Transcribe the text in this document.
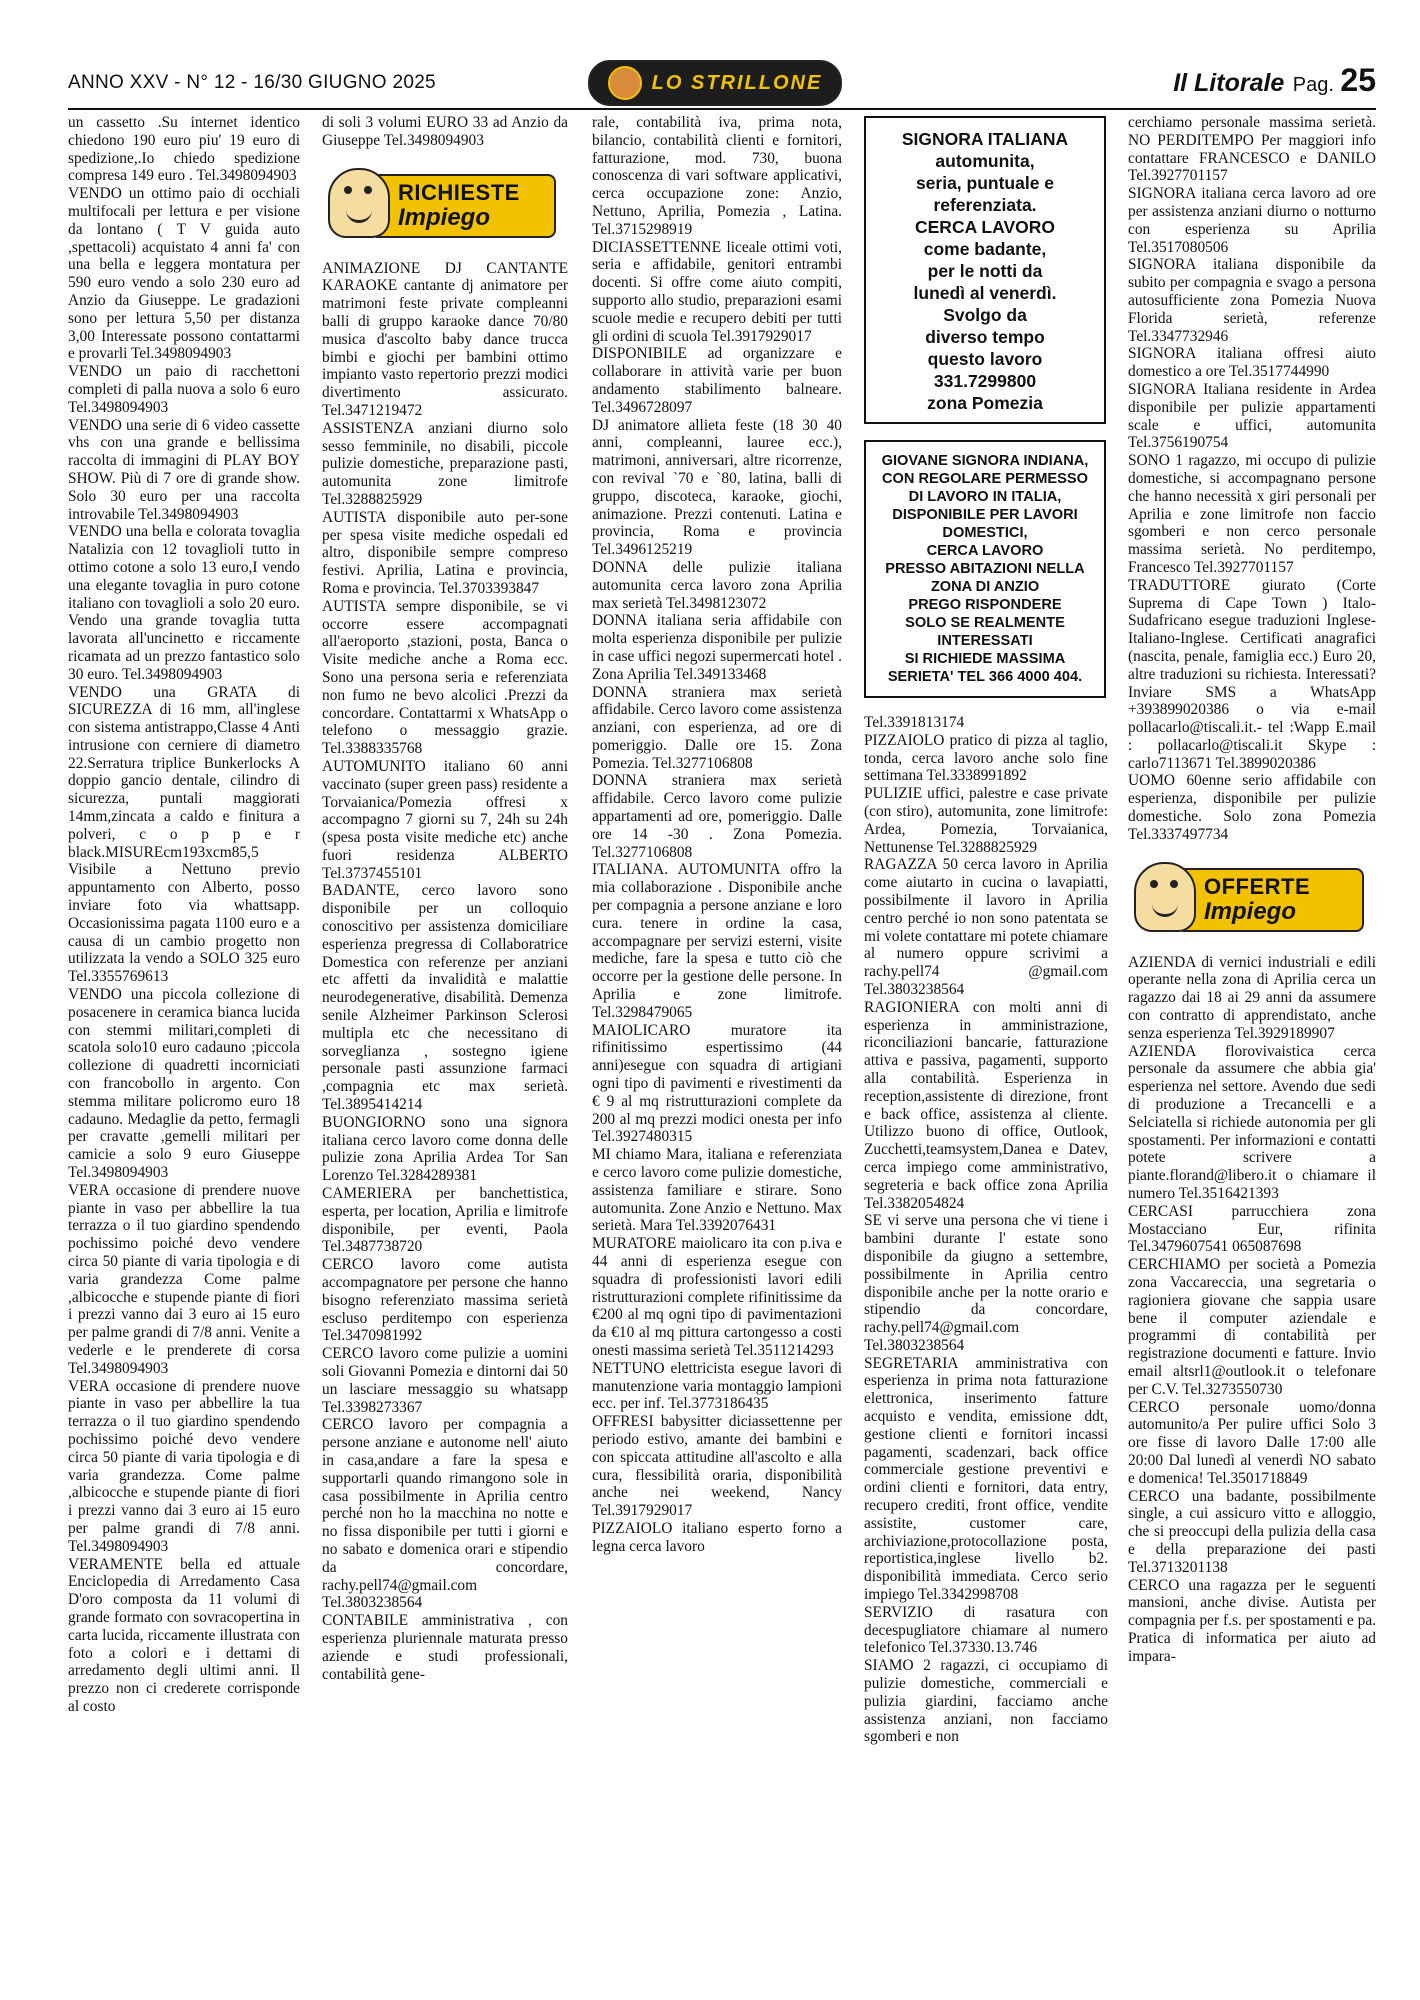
ANNO XXV - N° 12 - 16/30 GIUGNO 2025	LO STRILLONE	Il Litorale Pag. 25

un cassetto .Su internet identico chiedono 190 euro piu' 19 euro di spedizione,.Io chiedo spedizione compresa 149 euro . Tel.3498094903

VENDO un ottimo paio di occhiali multifocali per lettura e per visione da lontano ( T V guida auto ,spettacoli) acquistato 4 anni fa' con una bella e leggera montatura per 590 euro vendo a solo 230 euro ad Anzio da Giuseppe. Le gradazioni sono per lettura 5,50 per distanza 3,00 Interessate possono contattarmi e provarli Tel.3498094903

VENDO un paio di racchettoni completi di palla nuova a solo 6 euro Tel.3498094903

VENDO una serie di 6 video cassette vhs con una grande e bellissima raccolta di immagini di PLAY BOY SHOW. Più di 7 ore di grande show. Solo 30 euro per una raccolta introvabile Tel.3498094903

VENDO una bella e colorata tovaglia Natalizia con 12 tovaglioli tutto in ottimo cotone a solo 13 euro,I vendo una elegante tovaglia in puro cotone italiano con tovaglioli a solo 20 euro. Vendo una grande tovaglia tutta lavorata all'uncinetto e riccamente ricamata ad un prezzo fantastico solo 30 euro. Tel.3498094903

VENDO una GRATA di SICUREZZA di 16 mm, all'inglese con sistema antistrappo,Classe 4 Anti intrusione con cerniere di diametro 22.Serratura triplice Bunkerlocks A doppio gancio dentale, cilindro di sicurezza, puntali maggiorati 14mm,zincata a caldo e finitura a polveri, c o p p e r black.MISUREcm193xcm85,5 Visibile a Nettuno previo appuntamento con Alberto, posso inviare foto via whattsapp. Occasionissima pagata 1100 euro e a causa di un cambio progetto non utilizzata la vendo a SOLO 325 euro Tel.3355769613

VENDO una piccola collezione di posacenere in ceramica bianca lucida con stemmi militari,completi di scatola solo10 euro cadauno ;piccola collezione di quadretti incorniciati con francobollo in argento. Con stemma militare policromo euro 18 cadauno. Medaglie da petto, fermagli per cravatte ,gemelli militari per camicie a solo 9 euro Giuseppe Tel.3498094903

VERA occasione di prendere nuove piante in vaso per abbellire la tua terrazza o il tuo giardino spendendo pochissimo poiché devo vendere circa 50 piante di varia tipologia e di varia grandezza Come palme ,albicocche e stupende piante di fiori i prezzi vanno dai 3 euro ai 15 euro per palme grandi di 7/8 anni. Venite a vederle e le prenderete di corsa Tel.3498094903

VERA occasione di prendere nuove piante in vaso per abbellire la tua terrazza o il tuo giardino spendendo pochissimo poiché devo vendere circa 50 piante di varia tipologia e di varia grandezza. Come palme ,albicocche e stupende piante di fiori i prezzi vanno dai 3 euro ai 15 euro per palme grandi di 7/8 anni. Tel.3498094903

VERAMENTE bella ed attuale Enciclopedia di Arredamento Casa D'oro composta da 11 volumi di grande formato con sovracopertina in carta lucida, riccamente illustrata con foto a colori e i dettami di arredamento degli ultimi anni. Il prezzo non ci crederete corrisponde al costo

di soli 3 volumi EURO 33 ad Anzio da Giuseppe Tel.3498094903

RICHIESTE
Impiego

ANIMAZIONE DJ CANTANTE KARAOKE cantante dj animatore per matrimoni feste private compleanni balli di gruppo karaoke dance 70/80 musica d'ascolto baby dance trucca bimbi e giochi per bambini ottimo impianto vasto repertorio prezzi modici divertimento assicurato. Tel.3471219472

ASSISTENZA anziani diurno solo sesso femminile, no disabili, piccole pulizie domestiche, preparazione pasti, automunita zone limitrofe Tel.3288825929

AUTISTA disponibile auto per-sone per spesa visite mediche ospedali ed altro, disponibile sempre compreso festivi. Aprilia, Latina e provincia, Roma e provincia. Tel.3703393847

AUTISTA sempre disponibile, se vi occorre essere accompagnati all'aeroporto ,stazioni, posta, Banca o Visite mediche anche a Roma ecc. Sono una persona seria e referenziata non fumo ne bevo alcolici .Prezzi da concordare. Contattarmi x WhatsApp o telefono o messaggio grazie. Tel.3388335768

AUTOMUNITO italiano 60 anni vaccinato (super green pass) residente a Torvaianica/Pomezia offresi x accompagno 7 giorni su 7, 24h su 24h (spesa posta visite mediche etc) anche fuori residenza ALBERTO Tel.3737455101

BADANTE, cerco lavoro sono disponibile per un colloquio conoscitivo per assistenza domiciliare esperienza pregressa di Collaboratrice Domestica con referenze per anziani etc affetti da invalidità e malattie neurodegenerative, disabilità. Demenza senile Alzheimer Parkinson Sclerosi multipla etc che necessitano di sorveglianza , sostegno igiene personale pasti assunzione farmaci ,compagnia etc max serietà. Tel.3895414214

BUONGIORNO sono una signora italiana cerco lavoro come donna delle pulizie zona Aprilia Ardea Tor San Lorenzo Tel.3284289381

CAMERIERA per banchettistica, esperta, per location, Aprilia e limitrofe disponibile, per eventi, Paola Tel.3487738720

CERCO lavoro come autista accompagnatore per persone che hanno bisogno referenziato massima serietà escluso perditempo con esperienza Tel.3470981992

CERCO lavoro come pulizie a uomini soli Giovanni Pomezia e dintorni dai 50 un lasciare messaggio su whatsapp Tel.3398273367

CERCO lavoro per compagnia a persone anziane e autonome nell' aiuto in casa,andare a fare la spesa e supportarli quando rimangono sole in casa possibilmente in Aprilia centro perché non ho la macchina no notte e no fissa disponibile per tutti i giorni e no sabato e domenica orari e stipendio da concordare, rachy.pell74@gmail.com Tel.3803238564

CONTABILE amministrativa , con esperienza pluriennale maturata presso aziende e studi professionali, contabilità gene-

rale, contabilità iva, prima nota, bilancio, contabilità clienti e fornitori, fatturazione, mod. 730, buona conoscenza di vari software applicativi, cerca occupazione zone: Anzio, Nettuno, Aprilia, Pomezia , Latina. Tel.3715298919

DICIASSETTENNE liceale ottimi voti, seria e affidabile, genitori entrambi docenti. Si offre come aiuto compiti, supporto allo studio, preparazioni esami scuole medie e recupero debiti per tutti gli ordini di scuola Tel.3917929017

DISPONIBILE ad organizzare e collaborare in attività varie per buon andamento stabilimento balneare. Tel.3496728097

DJ animatore allieta feste (18 30 40 anni, compleanni, lauree ecc.), matrimoni, anniversari, altre ricorrenze, con revival `70 e `80, latina, balli di gruppo, discoteca, karaoke, giochi, animazione. Prezzi contenuti. Latina e provincia, Roma e provincia Tel.3496125219

DONNA delle pulizie italiana automunita cerca lavoro zona Aprilia max serietà Tel.3498123072

DONNA italiana seria affidabile con molta esperienza disponibile per pulizie in case uffici negozi supermercati hotel . Zona Aprilia Tel.349133468

DONNA straniera max serietà affidabile. Cerco lavoro come assistenza anziani, con esperienza, ad ore di pomeriggio. Dalle ore 15. Zona Pomezia. Tel.3277106808

DONNA straniera max serietà affidabile. Cerco lavoro come pulizie appartamenti ad ore, pomeriggio. Dalle ore 14 -30 . Zona Pomezia. Tel.3277106808

ITALIANA. AUTOMUNITA offro la mia collaborazione . Disponibile anche per compagnia a persone anziane e loro cura. tenere in ordine la casa, accompagnare per servizi esterni, visite mediche, fare la spesa e tutto ciò che occorre per la gestione delle persone. In Aprilia e zone limitrofe. Tel.3298479065

MAIOLICARO muratore ita rifinitissimo espertissimo (44 anni)esegue con squadra di artigiani ogni tipo di pavimenti e rivestimenti da € 9 al mq ristrutturazioni complete da 200 al mq prezzi modici onesta per info Tel.3927480315

MI chiamo Mara, italiana e referenziata e cerco lavoro come pulizie domestiche, assistenza familiare e stirare. Sono automunita. Zone Anzio e Nettuno. Max serietà. Mara Tel.3392076431

MURATORE maiolicaro ita con p.iva e 44 anni di esperienza esegue con squadra di professionisti lavori edili ristrutturazioni complete rifinitissime da €200 al mq ogni tipo di pavimentazioni da €10 al mq pittura cartongesso a costi onesti massima serietà Tel.3511214293

NETTUNO elettricista esegue lavori di manutenzione varia montaggio lampioni ecc. per inf. Tel.3773186435

OFFRESI babysitter diciassettenne per periodo estivo, amante dei bambini e con spiccata attitudine all'ascolto e alla cura, flessibilità oraria, disponibilità anche nei weekend, Nancy Tel.3917929017

PIZZAIOLO italiano esperto forno a legna cerca lavoro

SIGNORA ITALIANA
automunita,
seria, puntuale e
referenziata.
CERCA LAVORO
come badante,
per le notti da
lunedì al venerdì.
Svolgo da
diverso tempo
questo lavoro
331.7299800
zona Pomezia
GIOVANE SIGNORA INDIANA,
CON REGOLARE PERMESSO
DI LAVORO IN ITALIA,
DISPONIBILE PER LAVORI
DOMESTICI,
CERCA LAVORO
PRESSO ABITAZIONI NELLA
ZONA DI ANZIO
PREGO RISPONDERE
SOLO SE REALMENTE
INTERESSATI
SI RICHIEDE MASSIMA
SERIETA' TEL 366 4000 404.

Tel.3391813174

PIZZAIOLO pratico di pizza al taglio, tonda, cerca lavoro anche solo fine settimana Tel.3338991892

PULIZIE uffici, palestre e case private (con stiro), automunita, zone limitrofe: Ardea, Pomezia, Torvaianica, Nettunense Tel.3288825929

RAGAZZA 50 cerca lavoro in Aprilia come aiutarto in cucina o lavapiatti, possibilmente il lavoro in Aprilia centro perché io non sono patentata se mi volete contattare mi potete chiamare al numero oppure scrivimi a rachy.pell74 @gmail.com Tel.3803238564

RAGIONIERA con molti anni di esperienza in amministrazione, riconciliazioni bancarie, fatturazione attiva e passiva, pagamenti, supporto alla contabilità. Esperienza in reception,assistente di direzione, front e back office, assistenza al cliente. Utilizzo buono di office, Outlook, Zucchetti,teamsystem,Danea e Datev, cerca impiego come amministrativo, segreteria e back office zona Aprilia Tel.3382054824

SE vi serve una persona che vi tiene i bambini durante l' estate sono disponibile da giugno a settembre, possibilmente in Aprilia centro disponibile anche per la notte orario e stipendio da concordare, rachy.pell74@gmail.com Tel.3803238564

SEGRETARIA amministrativa con esperienza in prima nota fatturazione elettronica, inserimento fatture acquisto e vendita, emissione ddt, gestione clienti e fornitori incassi pagamenti, scadenzari, back office commerciale gestione preventivi e ordini clienti e fornitori, data entry, recupero crediti, front office, vendite assistite, customer care, archiviazione,protocollazione posta, reportistica,inglese livello b2. disponibilità immediata. Cerco serio impiego Tel.3342998708

SERVIZIO di rasatura con decespugliatore chiamare al numero telefonico Tel.37330.13.746

SIAMO 2 ragazzi, ci occupiamo di pulizie domestiche, commerciali e pulizia giardini, facciamo anche assistenza anziani, non facciamo sgomberi e non

cerchiamo personale massima serietà. NO PERDITEMPO Per maggiori info contattare FRANCESCO e DANILO Tel.3927701157

SIGNORA italiana cerca lavoro ad ore per assistenza anziani diurno o notturno con esperienza su Aprilia Tel.3517080506

SIGNORA italiana disponibile da subito per compagnia e svago a persona autosufficiente zona Pomezia Nuova Florida serietà, referenze Tel.3347732946

SIGNORA italiana offresi aiuto domestico a ore Tel.3517744990

SIGNORA Italiana residente in Ardea disponibile per pulizie appartamenti scale e uffici, automunita Tel.3756190754

SONO 1 ragazzo, mi occupo di pulizie domestiche, si accompagnano persone che hanno necessità x giri personali per Aprilia e zone limitrofe non faccio sgomberi e non cerco personale massima serietà. No perditempo, Francesco Tel.3927701157

TRADUTTORE giurato (Corte Suprema di Cape Town ) Italo-Sudafricano esegue traduzioni Inglese-Italiano-Inglese. Certificati anagrafici (nascita, penale, famiglia ecc.) Euro 20, altre traduzioni su richiesta. Interessati? Inviare SMS a WhatsApp +393899020386 o via e-mail pollacarlo@tiscali.it.- tel :Wapp E.mail : pollacarlo@tiscali.it Skype : carlo7113671 Tel.3899020386

UOMO 60enne serio affidabile con esperienza, disponibile per pulizie domestiche. Solo zona Pomezia Tel.3337497734

OFFERTE
Impiego

AZIENDA di vernici industriali e edili operante nella zona di Aprilia cerca un ragazzo dai 18 ai 29 anni da assumere con contratto di apprendistato, anche senza esperienza Tel.3929189907

AZIENDA florovivaistica cerca personale da assumere che abbia gia' esperienza nel settore. Avendo due sedi di produzione a Trecancelli e a Selciatella si richiede autonomia per gli spostamenti. Per informazioni e contatti potete scrivere a piante.florand@libero.it o chiamare il numero Tel.3516421393

CERCASI parrucchiera zona Mostacciano Eur, rifinita Tel.3479607541 065087698

CERCHIAMO per società a Pomezia zona Vaccareccia, una segretaria o ragioniera giovane che sappia usare bene il computer aziendale e programmi di contabilità per registrazione documenti e fatture. Invio email altsrl1@outlook.it o telefonare per C.V. Tel.3273550730

CERCO personale uomo/donna automunito/a Per pulire uffici Solo 3 ore fisse di lavoro Dalle 17:00 alle 20:00 Dal lunedì al venerdì NO sabato e domenica! Tel.3501718849

CERCO una badante, possibilmente single, a cui assicuro vitto e alloggio, che si preoccupi della pulizia della casa e della preparazione dei pasti Tel.3713201138

CERCO una ragazza per le seguenti mansioni, anche divise. Autista per compagnia per f.s. per spostamenti e pa. Pratica di informatica per aiuto ad impara-
